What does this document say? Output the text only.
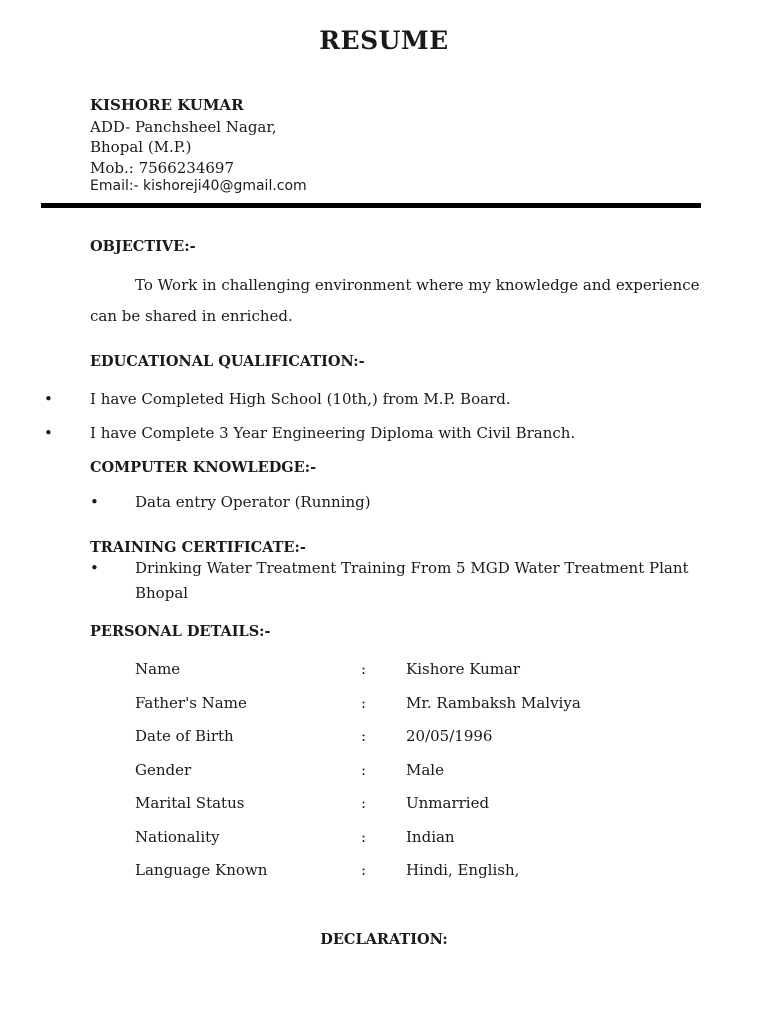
RESUME
KISHORE KUMAR
ADD- Panchsheel Nagar,
Bhopal (M.P.)
Mob.: 7566234697
Email:- kishoreji40@gmail.com
OBJECTIVE:-
To Work in challenging environment where my knowledge and experience
can be shared in enriched.
EDUCATIONAL QUALIFICATION:-
• I have Completed High School (10th,) from M.P. Board.
• I have Complete 3 Year Engineering Diploma with Civil Branch.
COMPUTER KNOWLEDGE:-
• Data entry Operator (Running)
TRAINING CERTIFICATE:-
• Drinking Water Treatment Training From 5 MGD Water Treatment Plant
Bhopal
PERSONAL DETAILS:-
Name	:	Kishore Kumar
Father's Name	:	Mr. Rambaksh Malviya
Date of Birth	:	20/05/1996
Gender	:	Male
Marital Status	:	Unmarried
Nationality	:	Indian
Language Known	:	Hindi, English,
DECLARATION:
